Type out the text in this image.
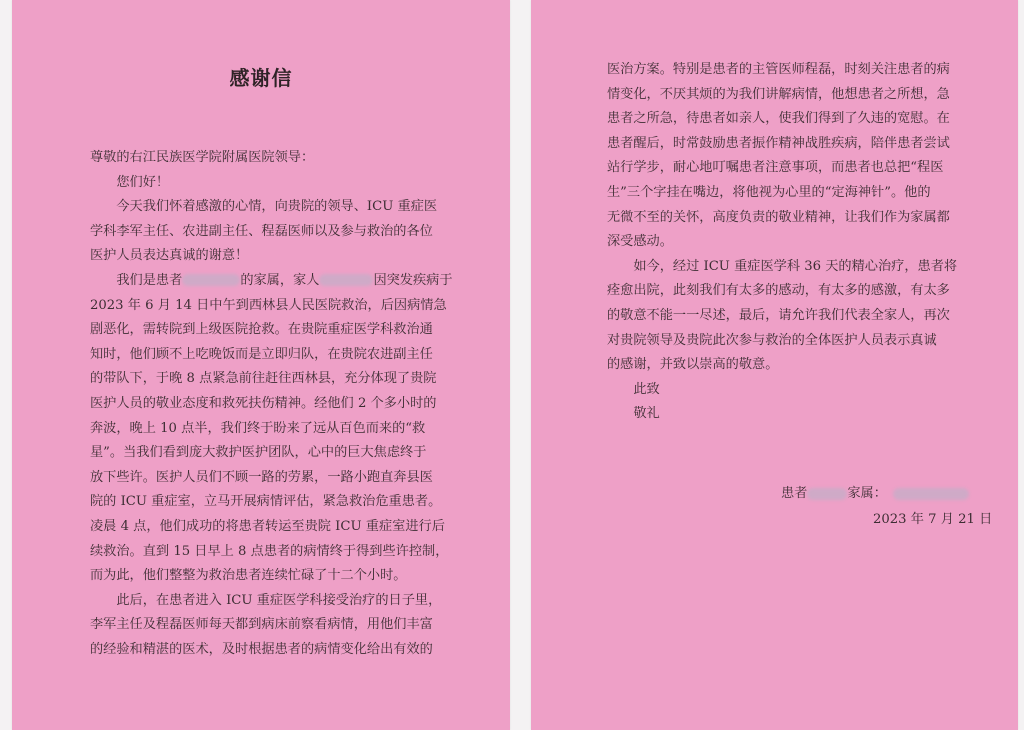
感谢信
尊敬的右江民族医学院附属医院领导：
　　您们好！
　　今天我们怀着感激的心情，向贵院的领导、ICU 重症医
学科李军主任、农进副主任、程磊医师以及参与救治的各位
医护人员表达真诚的谢意！
　　我们是患者	的家属，家人	因突发疾病于
2023 年 6 月 14 日中午到西林县人民医院救治，后因病情急
剧恶化，需转院到上级医院抢救。在贵院重症医学科救治通
知时，他们顾不上吃晚饭而是立即归队，在贵院农进副主任
的带队下，于晚 8 点紧急前往赶往西林县，充分体现了贵院
医护人员的敬业态度和救死扶伤精神。经他们 2 个多小时的
奔波，晚上 10 点半，我们终于盼来了远从百色而来的“救
星”。当我们看到庞大救护医护团队，心中的巨大焦虑终于
放下些许。医护人员们不顾一路的劳累，一路小跑直奔县医
院的 ICU 重症室，立马开展病情评估，紧急救治危重患者。
凌晨 4 点，他们成功的将患者转运至贵院 ICU 重症室进行后
续救治。直到 15 日早上 8 点患者的病情终于得到些许控制，
而为此，他们整整为救治患者连续忙碌了十二个小时。
　　此后，在患者进入 ICU 重症医学科接受治疗的日子里，
李军主任及程磊医师每天都到病床前察看病情，用他们丰富
的经验和精湛的医术，及时根据患者的病情变化给出有效的
医治方案。特别是患者的主管医师程磊，时刻关注患者的病
情变化，不厌其烦的为我们讲解病情，他想患者之所想，急
患者之所急，待患者如亲人，使我们得到了久违的宽慰。在
患者醒后，时常鼓励患者振作精神战胜疾病，陪伴患者尝试
站行学步，耐心地叮嘱患者注意事项，而患者也总把“程医
生”三个字挂在嘴边，将他视为心里的“定海神针”。他的
无微不至的关怀，高度负责的敬业精神，让我们作为家属都
深受感动。
　　如今，经过 ICU 重症医学科 36 天的精心治疗，患者将
痊愈出院，此刻我们有太多的感动，有太多的感激，有太多
的敬意不能一一尽述，最后，请允许我们代表全家人，再次
对贵院领导及贵院此次参与救治的全体医护人员表示真诚
的感谢，并致以崇高的敬意。
　　此致
　　敬礼
患者	家属：
2023 年 7 月 21 日
